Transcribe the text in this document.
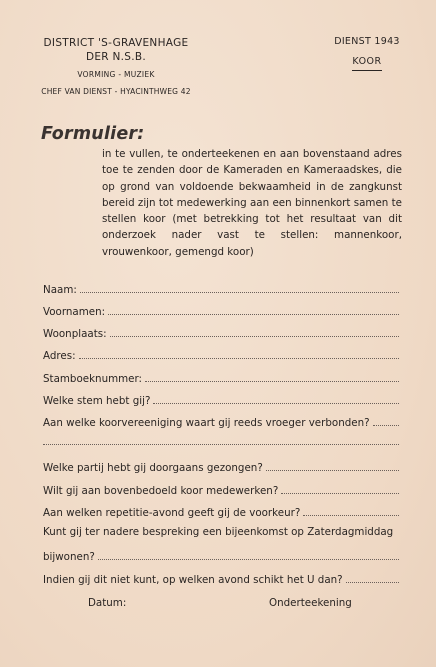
DISTRICT 'S-GRAVENHAGE
DER N.S.B.
VORMING - MUZIEK
CHEF VAN DIENST - HYACINTHWEG 42
DIENST 1943
KOOR
Formulier:
in te vullen, te onderteekenen en aan bovenstaand adres toe te zenden door de Kameraden en Kameraadskes, die op grond van voldoende bekwaamheid in de zangkunst bereid zijn tot medewerking aan een binnenkort samen te stellen koor (met betrekking tot het resultaat van dit onderzoek nader vast te stellen: mannenkoor, vrouwenkoor, gemengd koor)
Naam:
Voornamen:
Woonplaats:
Adres:
Stamboeknummer:
Welke stem hebt gij?
Aan welke koorvereeniging waart gij reeds vroeger verbonden?
Welke partij hebt gij doorgaans gezongen?
Wilt gij aan bovenbedoeld koor medewerken?
Aan welken repetitie-avond geeft gij de voorkeur?
Kunt gij ter nadere bespreking een bijeenkomst op Zaterdagmiddag
bijwonen?
Indien gij dit niet kunt, op welken avond schikt het U dan?
Datum:	Onderteekening
